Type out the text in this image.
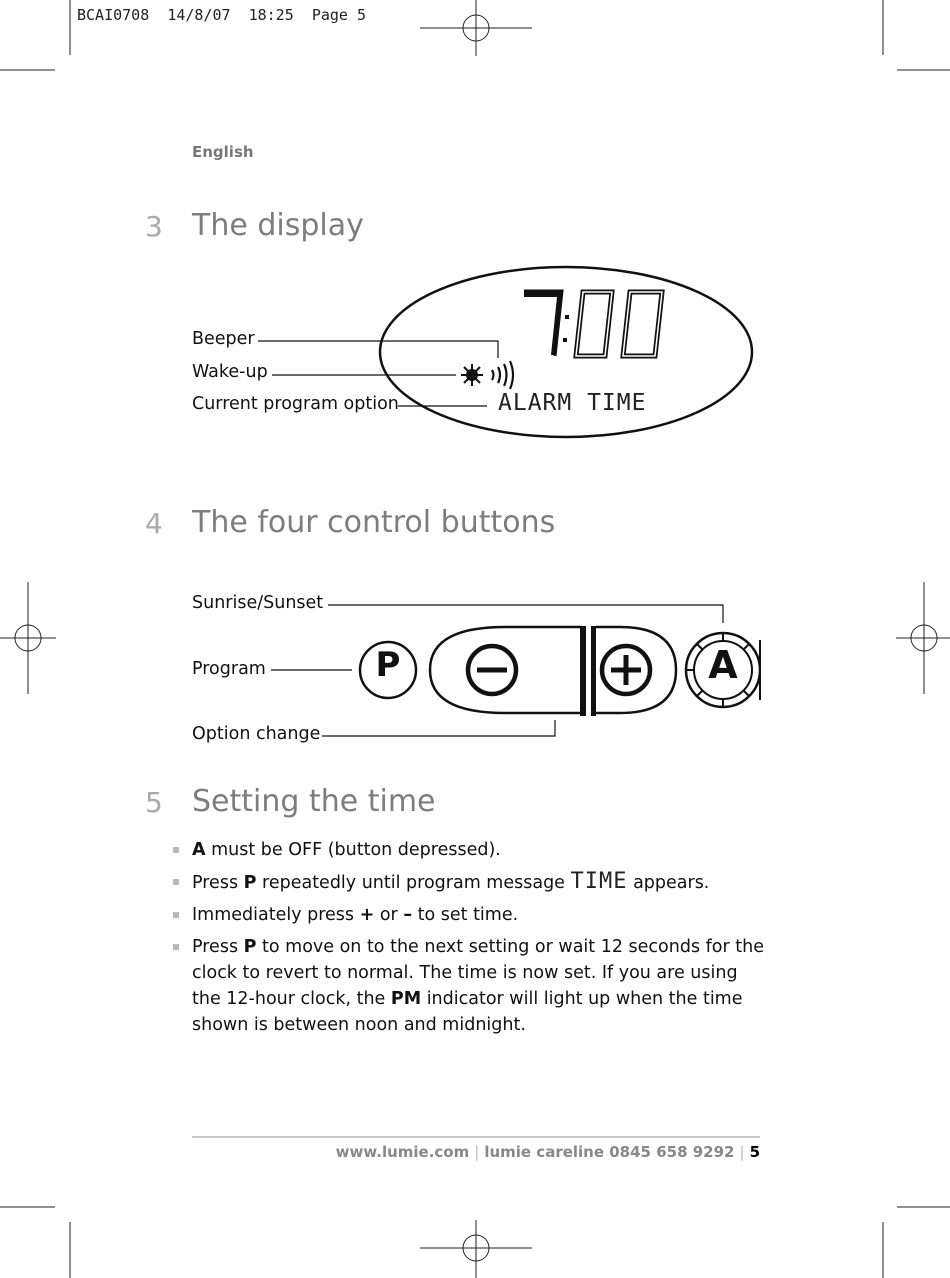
BCAI0708 14/8/07 18:25 Page 5
English
3 The display
Beeper
Wake-up
Current program option	ALARM TIME
4 The four control buttons
P	A
Sunrise/Sunset
Program
Option change
5 Setting the time
A must be OFF (button depressed).
Press P repeatedly until program message TIME appears.
Immediately press + or – to set time.
Press P to move on to the next setting or wait 12 seconds for the clock to revert to normal. The time is now set. If you are using the 12-hour clock, the PM indicator will light up when the time shown is between noon and midnight.
www.lumie.com | lumie careline 0845 658 9292 | 5
